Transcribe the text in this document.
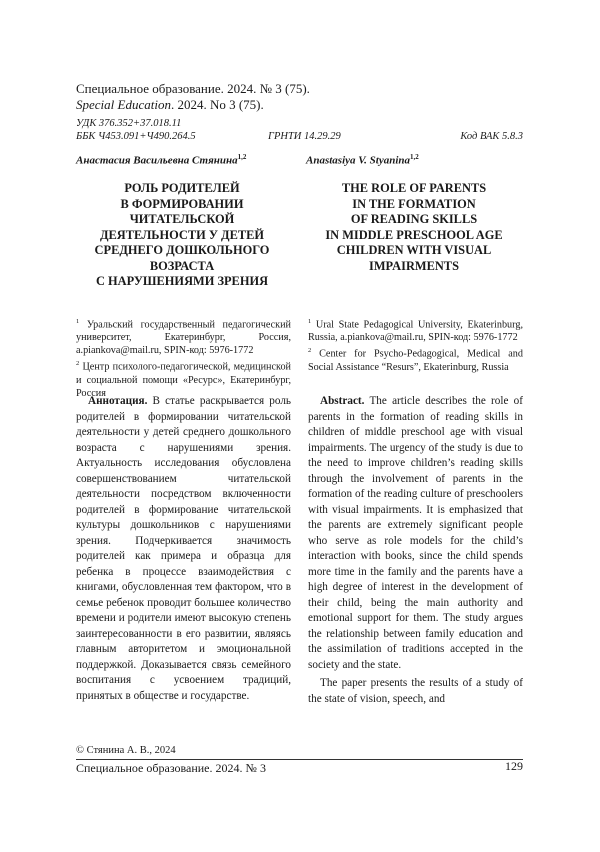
Специальное образование. 2024. № 3 (75).
Special Education. 2024. No 3 (75).
УДК 376.352+37.018.11
ББК Ч453.091+Ч490.264.5	ГРНТИ 14.29.29	Код ВАК 5.8.3
Анастасия Васильевна Стянина$^{1,2}$	Anastasiya V. Styanina$^{1,2}$
РОЛЬ РОДИТЕЛЕЙ
В ФОРМИРОВАНИИ
ЧИТАТЕЛЬСКОЙ
ДЕЯТЕЛЬНОСТИ У ДЕТЕЙ
СРЕДНЕГО ДОШКОЛЬНОГО
ВОЗРАСТА
С НАРУШЕНИЯМИ ЗРЕНИЯ
THE ROLE OF PARENTS
IN THE FORMATION
OF READING SKILLS
IN MIDDLE PRESCHOOL AGE
CHILDREN WITH VISUAL
IMPAIRMENTS

$^1$ Уральский государственный педагогический университет, Екатеринбург, Россия, a.piankova@mail.ru, SPIN-код: 5976-1772

$^2$ Центр психолого-педагогической, медицинской и социальной помощи «Ресурс», Екатеринбург, Россия

$^1$ Ural State Pedagogical University, Ekaterinburg, Russia, a.piankova@mail.ru, SPIN-код: 5976-1772

$^2$ Center for Psycho-Pedagogical, Medical and Social Assistance “Resurs”, Ekaterinburg, Russia

Аннотация. В статье раскрывается роль родителей в формировании читательской деятельности у детей среднего дошкольного возраста с нарушениями зрения. Актуальность исследования обусловлена совершенствованием читательской деятельности посредством включенности родителей в формирование читательской культуры дошкольников с нарушениями зрения. Подчеркивается значимость родителей как примера и образца для ребенка в процессе взаимодействия с книгами, обусловленная тем фактором, что в семье ребенок проводит большее количество времени и родители имеют высокую степень заинтересованности в его развитии, являясь главным авторитетом и эмоциональной поддержкой. Доказывается связь семейного воспитания с усвоением традиций, принятых в обществе и государстве.

Abstract. The article describes the role of parents in the formation of reading skills in children of middle preschool age with visual impairments. The urgency of the study is due to the need to improve children’s reading skills through the involvement of parents in the formation of the reading culture of preschoolers with visual impairments. It is emphasized that the parents are extremely significant people who serve as role models for the child’s interaction with books, since the child spends more time in the family and the parents have a high degree of interest in the development of their child, being the main authority and emotional support for them. The study argues the relationship between family education and the assimilation of traditions accepted in the society and the state.

The paper presents the results of a study of the state of vision, speech, and

© Стянина А. В., 2024
Специальное образование. 2024. № 3	129
